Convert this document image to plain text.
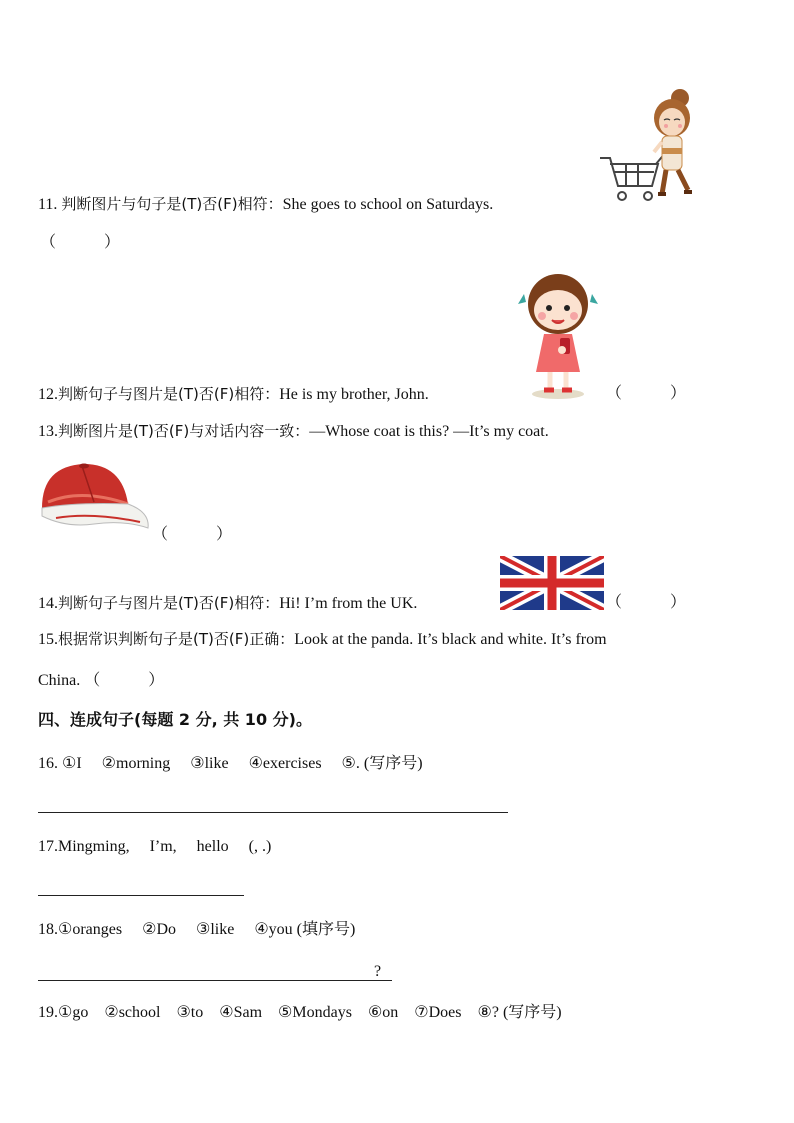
11. 判断图片与句子是(T)否(F)相符：She goes to school on Saturdays.
（　　　）
12.判断句子与图片是(T)否(F)相符：He is my brother, John.	（　　　）
13.判断图片是(T)否(F)与对话内容一致：—Whose coat is this? —It’s my coat.
（　　　）
14.判断句子与图片是(T)否(F)相符：Hi! I’m from the UK.	（　　　）
15.根据常识判断句子是(T)否(F)正确：Look at the panda. It’s black and white. It’s from
China. （　　　）
四、连成句子(每题 2 分, 共 10 分)。
16. ①I　 ②morning　 ③like　 ④exercises　 ⑤. (写序号)
17.Mingming,　 I’m,　 hello　 (, .)
18.①oranges　 ②Do　 ③like　 ④you (填序号)
?
19.①go　②school　③to　④Sam　⑤Mondays　⑥on　⑦Does　⑧? (写序号)
